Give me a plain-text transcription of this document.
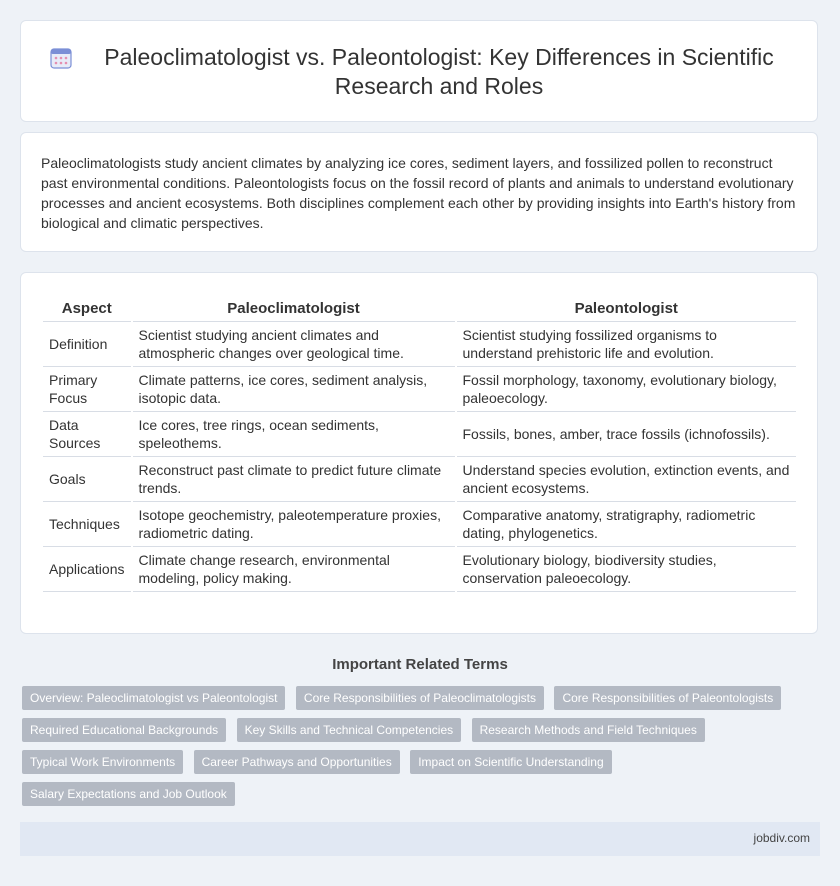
Paleoclimatologist vs. Paleontologist: Key Differences in Scientific Research and Roles

Paleoclimatologists study ancient climates by analyzing ice cores, sediment layers, and fossilized pollen to reconstruct past environmental conditions. Paleontologists focus on the fossil record of plants and animals to understand evolutionary processes and ancient ecosystems. Both disciplines complement each other by providing insights into Earth's history from biological and climatic perspectives.

Aspect	Paleoclimatologist	Paleontologist
Definition	Scientist studying ancient climates and atmospheric changes over geological time.	Scientist studying fossilized organisms to understand prehistoric life and evolution.
Primary Focus	Climate patterns, ice cores, sediment analysis, isotopic data.	Fossil morphology, taxonomy, evolutionary biology, paleoecology.
Data Sources	Ice cores, tree rings, ocean sediments, speleothems.	Fossils, bones, amber, trace fossils (ichnofossils).
Goals	Reconstruct past climate to predict future climate trends.	Understand species evolution, extinction events, and ancient ecosystems.
Techniques	Isotope geochemistry, paleotemperature proxies, radiometric dating.	Comparative anatomy, stratigraphy, radiometric dating, phylogenetics.
Applications	Climate change research, environmental modeling, policy making.	Evolutionary biology, biodiversity studies, conservation paleoecology.
Important Related Terms
Overview: Paleoclimatologist vs Paleontologist Core Responsibilities of Paleoclimatologists Core Responsibilities of Paleontologists Required Educational Backgrounds Key Skills and Technical Competencies Research Methods and Field Techniques Typical Work Environments Career Pathways and Opportunities Impact on Scientific Understanding Salary Expectations and Job Outlook
jobdiv.com
